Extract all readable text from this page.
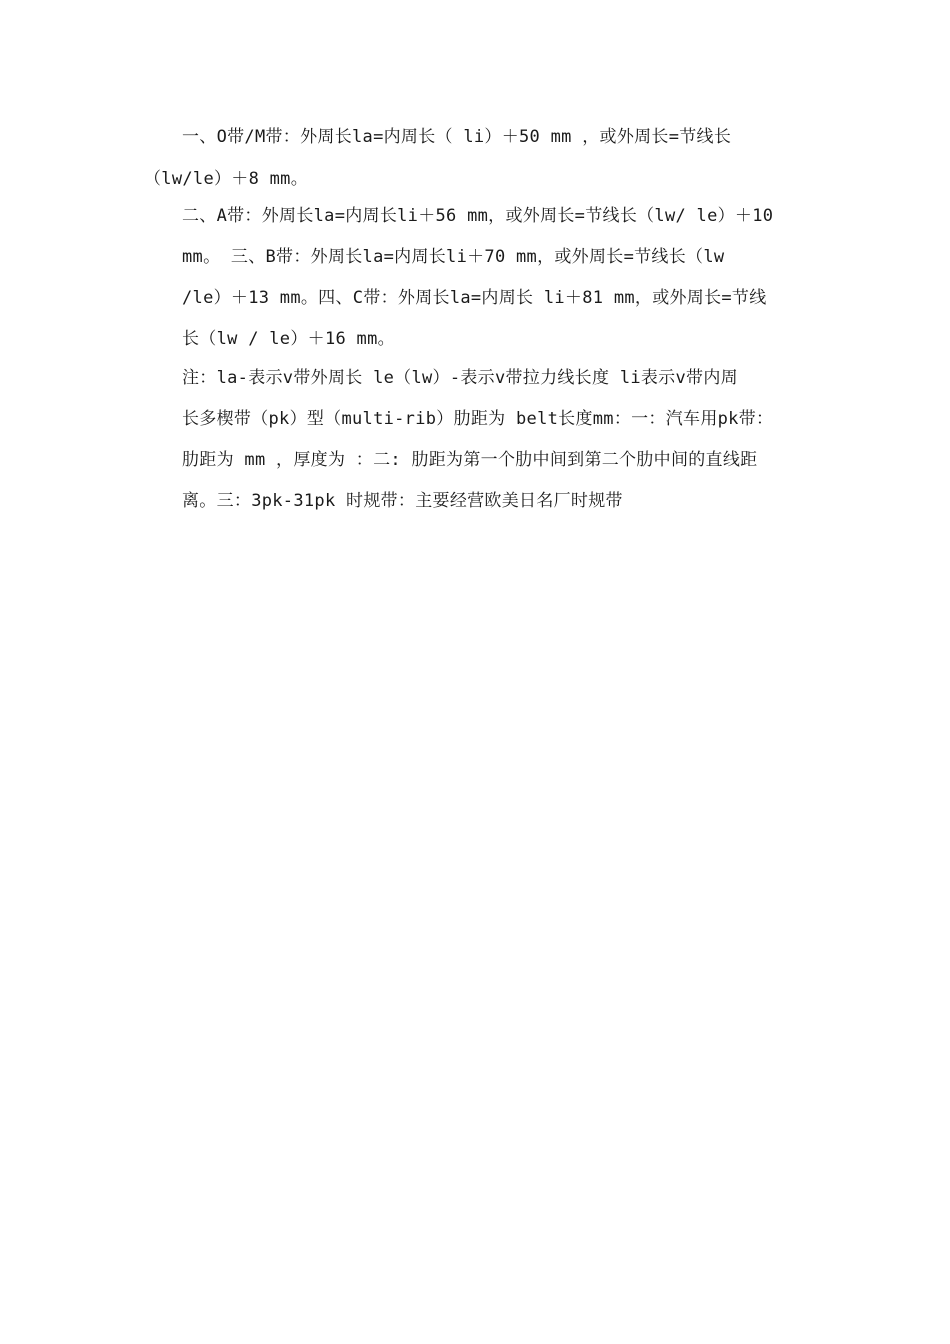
一、O带/M带：外周长la=内周长（ li）＋50 mm ，或外周长=节线长
（lw/le）＋8 mm。
二、A带：外周长la=内周长li＋56 mm，或外周长=节线长（lw/ le）＋10
mm。 三、B带：外周长la=内周长li＋70 mm，或外周长=节线长（lw
/le）＋13 mm。四、C带：外周长la=内周长 li＋81 mm，或外周长=节线
长（lw / le）＋16 mm。
注：la-表示v带外周长 le（lw）-表示v带拉力线长度 li表示v带内周
长多楔带（pk）型（multi-rib）肋距为 belt长度mm：一：汽车用pk带：
肋距为 mm ，厚度为 ：二: 肋距为第一个肋中间到第二个肋中间的直线距
离。三：3pk-31pk 时规带：主要经营欧美日名厂时规带
